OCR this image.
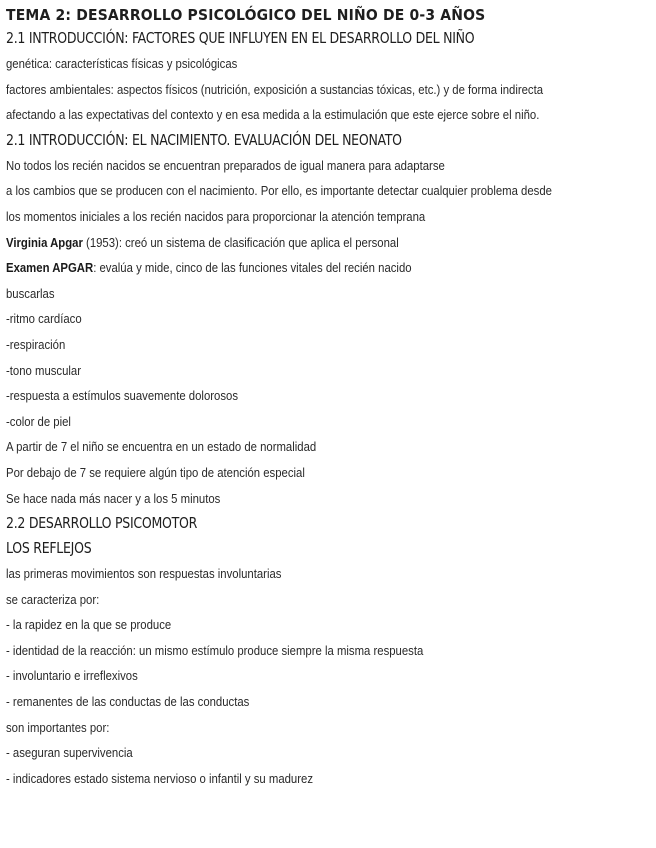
TEMA 2: DESARROLLO PSICOLÓGICO DEL NIÑO DE 0-3 AÑOS
2.1 INTRODUCCIÓN: FACTORES QUE INFLUYEN EN EL DESARROLLO DEL NIÑO
genética: características físicas y psicológicas
factores ambientales: aspectos físicos (nutrición, exposición a sustancias tóxicas, etc.) y de forma indirecta
afectando a las expectativas del contexto y en esa medida a la estimulación que este ejerce sobre el niño.
2.1 INTRODUCCIÓN: EL NACIMIENTO. EVALUACIÓN DEL NEONATO
No todos los recién nacidos se encuentran preparados de igual manera para adaptarse
a los cambios que se producen con el nacimiento. Por ello, es importante detectar cualquier problema desde
los momentos iniciales a los recién nacidos para proporcionar la atención temprana
Virginia Apgar (1953): creó un sistema de clasificación que aplica el personal
Examen APGAR: evalúa y mide, cinco de las funciones vitales del recién nacido
buscarlas
-ritmo cardíaco
-respiración
-tono muscular
-respuesta a estímulos suavemente dolorosos
-color de piel
A partir de 7 el niño se encuentra en un estado de normalidad
Por debajo de 7 se requiere algún tipo de atención especial
Se hace nada más nacer y a los 5 minutos
2.2 DESARROLLO PSICOMOTOR
LOS REFLEJOS
las primeras movimientos son respuestas involuntarias
se caracteriza por:
- la rapidez en la que se produce
- identidad de la reacción: un mismo estímulo produce siempre la misma respuesta
- involuntario e irreflexivos
- remanentes de las conductas de las conductas
son importantes por:
- aseguran supervivencia
- indicadores estado sistema nervioso o infantil y su madurez
